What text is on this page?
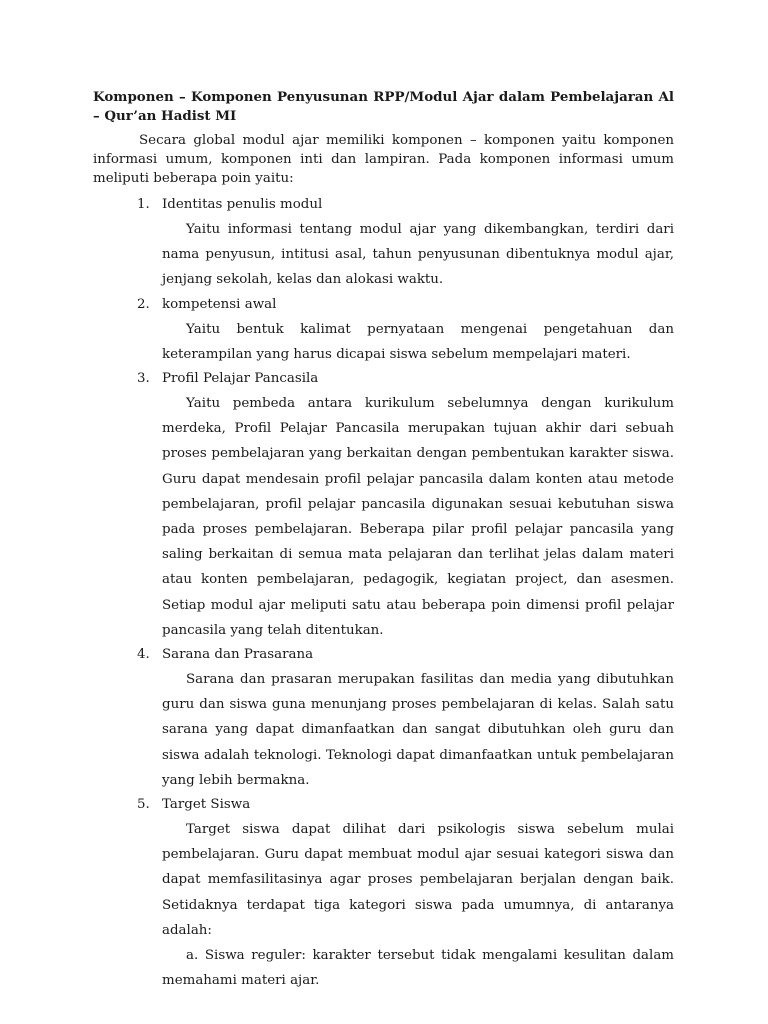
Komponen – Komponen Penyusunan RPP/Modul Ajar dalam Pembelajaran Al – Qur’an Hadist MI

Secara global modul ajar memiliki komponen – komponen yaitu komponen informasi umum, komponen inti dan lampiran. Pada komponen informasi umum meliputi beberapa poin yaitu:

1. Identitas penulis modul

Yaitu informasi tentang modul ajar yang dikembangkan, terdiri dari nama penyusun, intitusi asal, tahun penyusunan dibentuknya modul ajar, jenjang sekolah, kelas dan alokasi waktu.

2. kompetensi awal

Yaitu bentuk kalimat pernyataan mengenai pengetahuan dan keterampilan yang harus dicapai siswa sebelum mempelajari materi.

3. Profil Pelajar Pancasila

Yaitu pembeda antara kurikulum sebelumnya dengan kurikulum merdeka, Profil Pelajar Pancasila merupakan tujuan akhir dari sebuah proses pembelajaran yang berkaitan dengan pembentukan karakter siswa. Guru dapat mendesain profil pelajar pancasila dalam konten atau metode pembelajaran, profil pelajar pancasila digunakan sesuai kebutuhan siswa pada proses pembelajaran. Beberapa pilar profil pelajar pancasila yang saling berkaitan di semua mata pelajaran dan terlihat jelas dalam materi atau konten pembelajaran, pedagogik, kegiatan project, dan asesmen. Setiap modul ajar meliputi satu atau beberapa poin dimensi profil pelajar pancasila yang telah ditentukan.

4. Sarana dan Prasarana

Sarana dan prasaran merupakan fasilitas dan media yang dibutuhkan guru dan siswa guna menunjang proses pembelajaran di kelas. Salah satu sarana yang dapat dimanfaatkan dan sangat dibutuhkan oleh guru dan siswa adalah teknologi. Teknologi dapat dimanfaatkan untuk pembelajaran yang lebih bermakna.

5. Target Siswa

Target siswa dapat dilihat dari psikologis siswa sebelum mulai pembelajaran. Guru dapat membuat modul ajar sesuai kategori siswa dan dapat memfasilitasinya agar proses pembelajaran berjalan dengan baik. Setidaknya terdapat tiga kategori siswa pada umumnya, di antaranya adalah:

a. Siswa reguler: karakter tersebut tidak mengalami kesulitan dalam memahami materi ajar.
